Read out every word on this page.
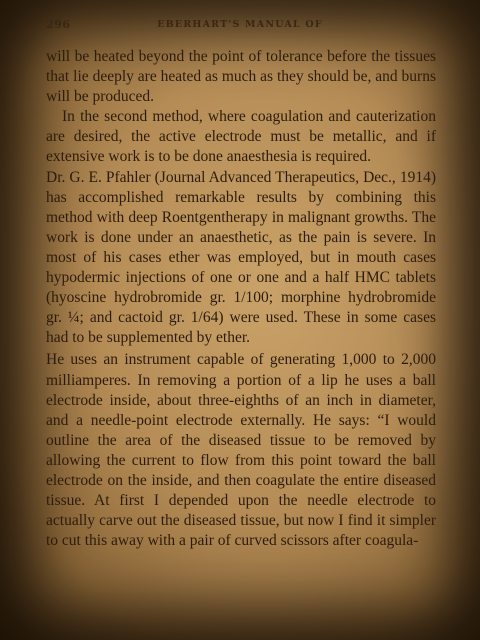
296	EBERHART'S MANUAL OF

will be heated beyond the point of tolerance before the tissues that lie deeply are heated as much as they should be, and burns will be produced.

In the second method, where coagulation and cauterization are desired, the active electrode must be metallic, and if extensive work is to be done anaesthesia is required.

Dr. G. E. Pfahler (Journal Advanced Therapeutics, Dec., 1914) has accomplished remarkable results by combining this method with deep Roentgentherapy in malignant growths. The work is done under an anaesthetic, as the pain is severe. In most of his cases ether was employed, but in mouth cases hypodermic injections of one or one and a half HMC tablets (hyoscine hydrobromide gr. 1/100; morphine hydrobromide gr. ¼; and cactoid gr. 1/64) were used. These in some cases had to be supplemented by ether.

He uses an instrument capable of generating 1,000 to 2,000 milliamperes. In removing a portion of a lip he uses a ball electrode inside, about three-eighths of an inch in diameter, and a needle-point electrode externally. He says: “I would outline the area of the diseased tissue to be removed by allowing the current to flow from this point toward the ball electrode on the inside, and then coagulate the entire diseased tissue. At first I depended upon the needle electrode to actually carve out the diseased tissue, but now I find it simpler to cut this away with a pair of curved scissors after coagula-
